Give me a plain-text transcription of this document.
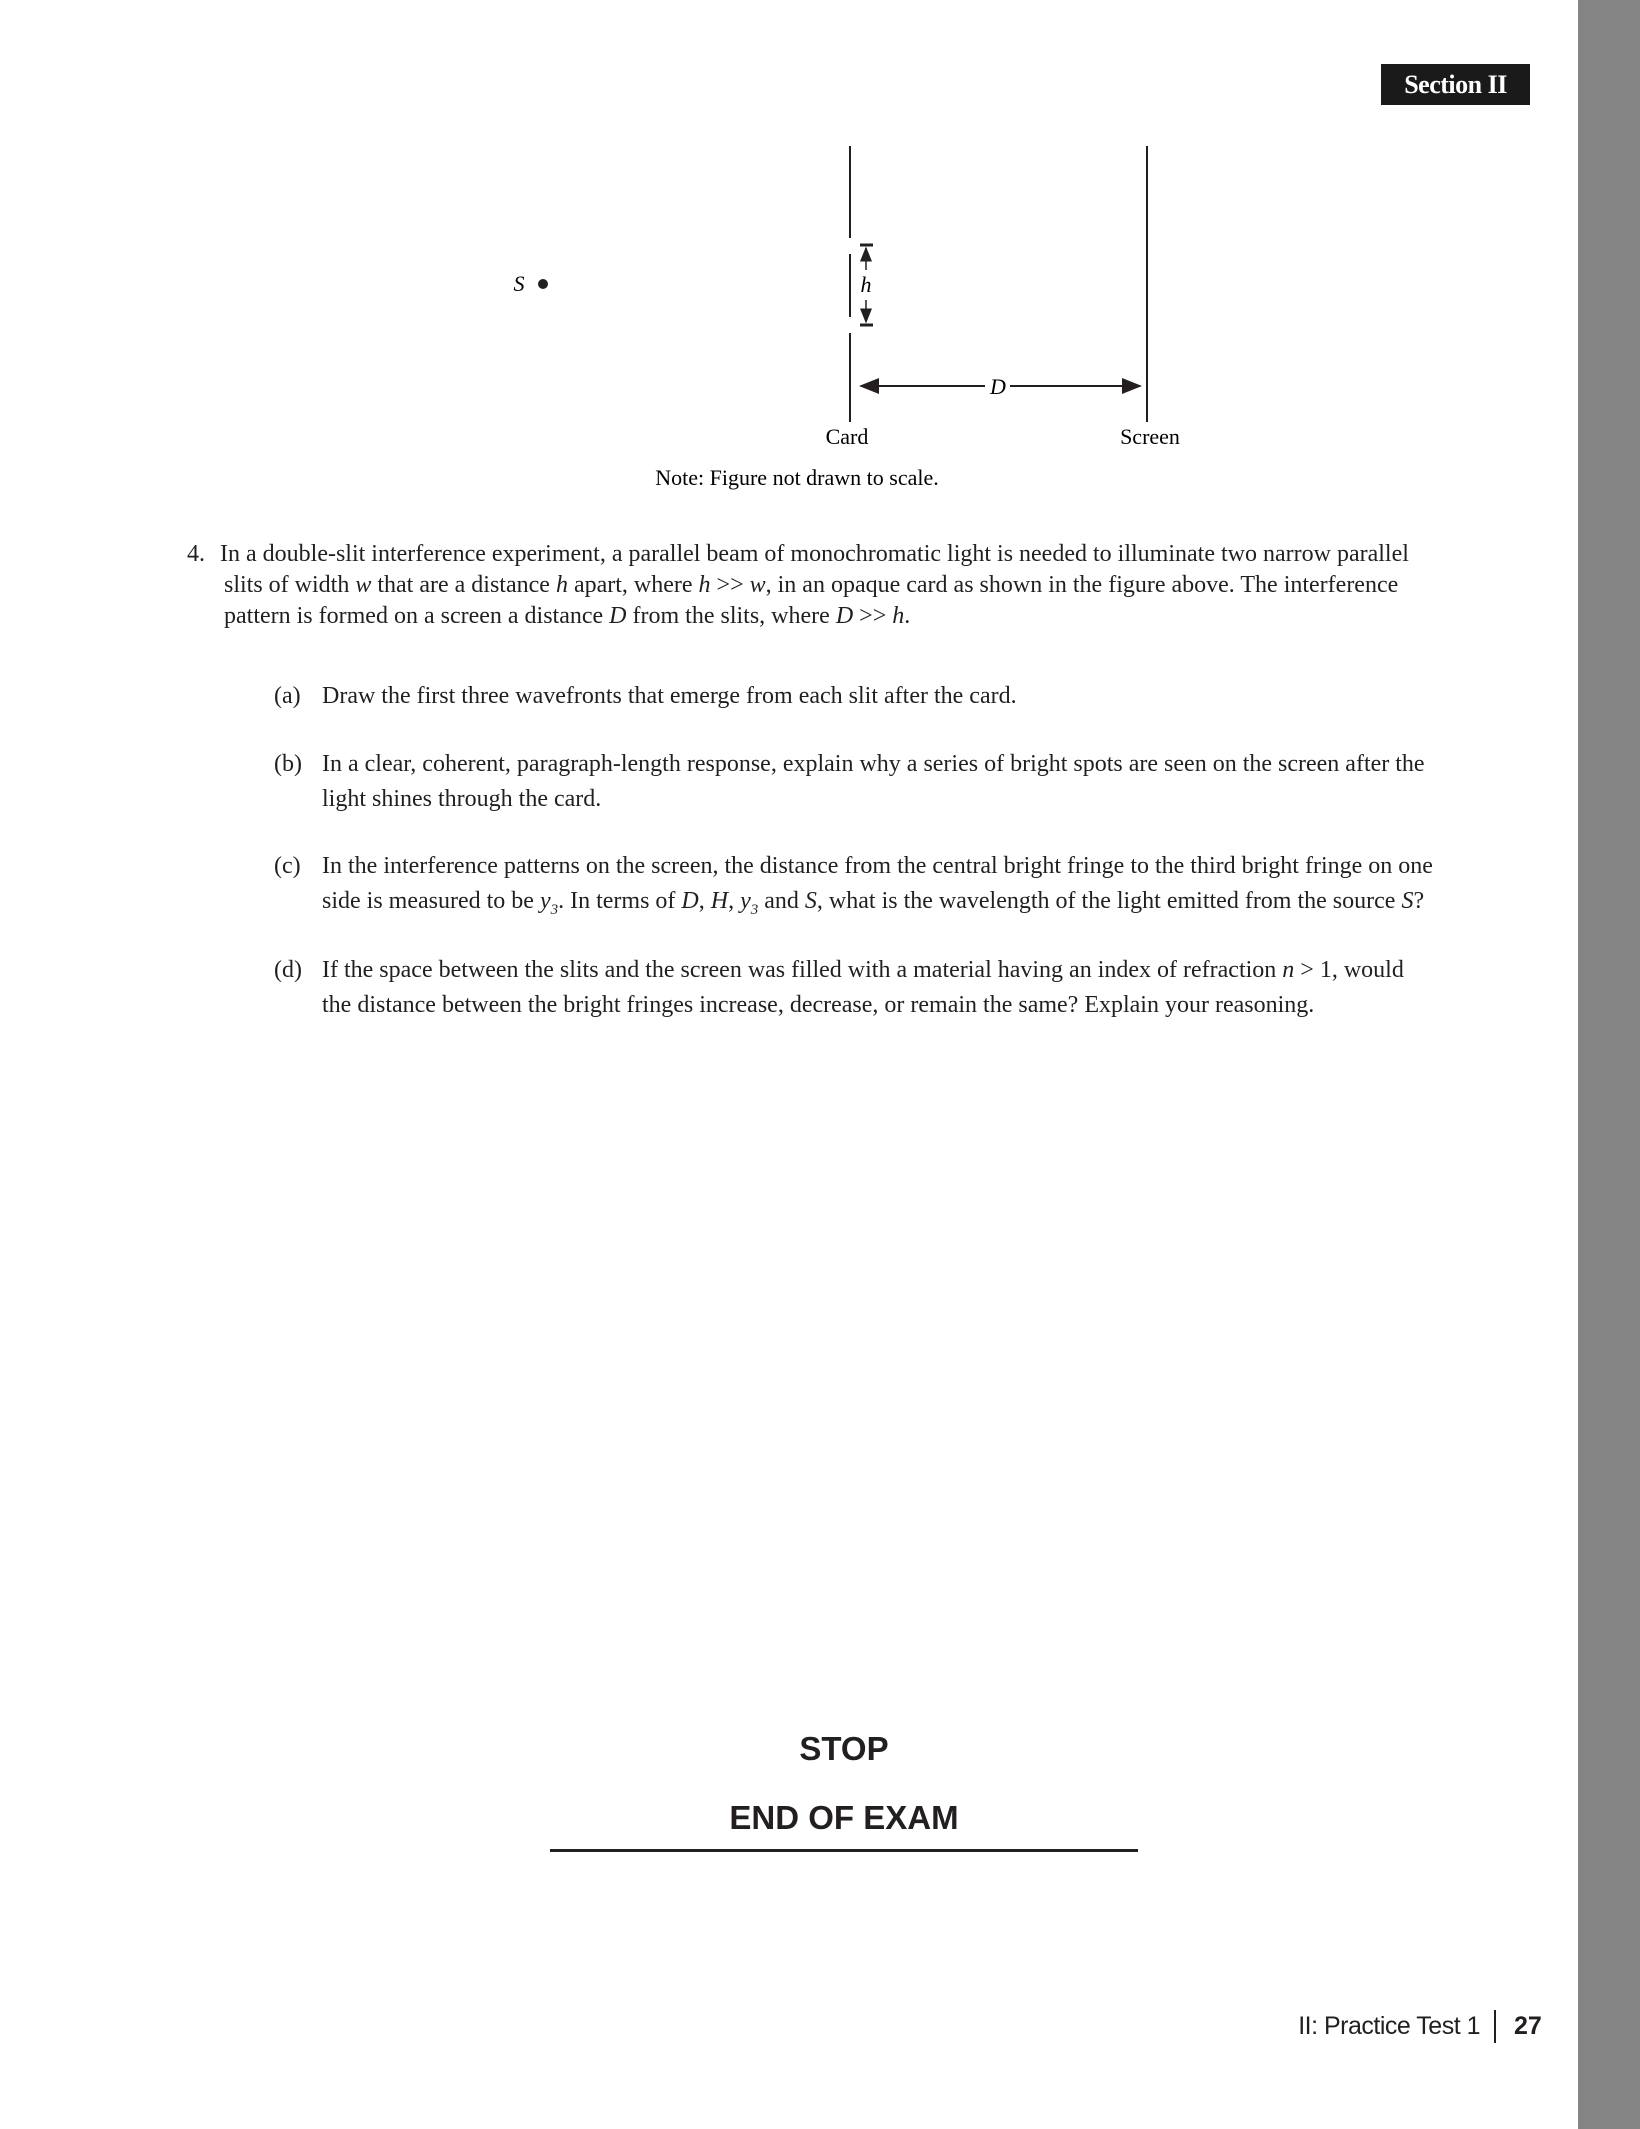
Section II
S	h
D
Card	Screen
Note: Figure not drawn to scale.
4. In a double-slit interference experiment, a parallel beam of monochromatic light is needed to illuminate two narrow parallel
slits of width w that are a distance h apart, where h >> w, in an opaque card as shown in the figure above. The interference
pattern is formed on a screen a distance D from the slits, where D >> h.
(a) Draw the first three wavefronts that emerge from each slit after the card.
(b) In a clear, coherent, paragraph-length response, explain why a series of bright spots are seen on the screen after the
light shines through the card.
(c) In the interference patterns on the screen, the distance from the central bright fringe to the third bright fringe on one
side is measured to be $y_3$. In terms of D, H, $y_3$ and S, what is the wavelength of the light emitted from the source S?
(d) If the space between the slits and the screen was filled with a material having an index of refraction n > 1, would
the distance between the bright fringes increase, decrease, or remain the same? Explain your reasoning.
STOP
END OF EXAM
II: Practice Test 1 27
